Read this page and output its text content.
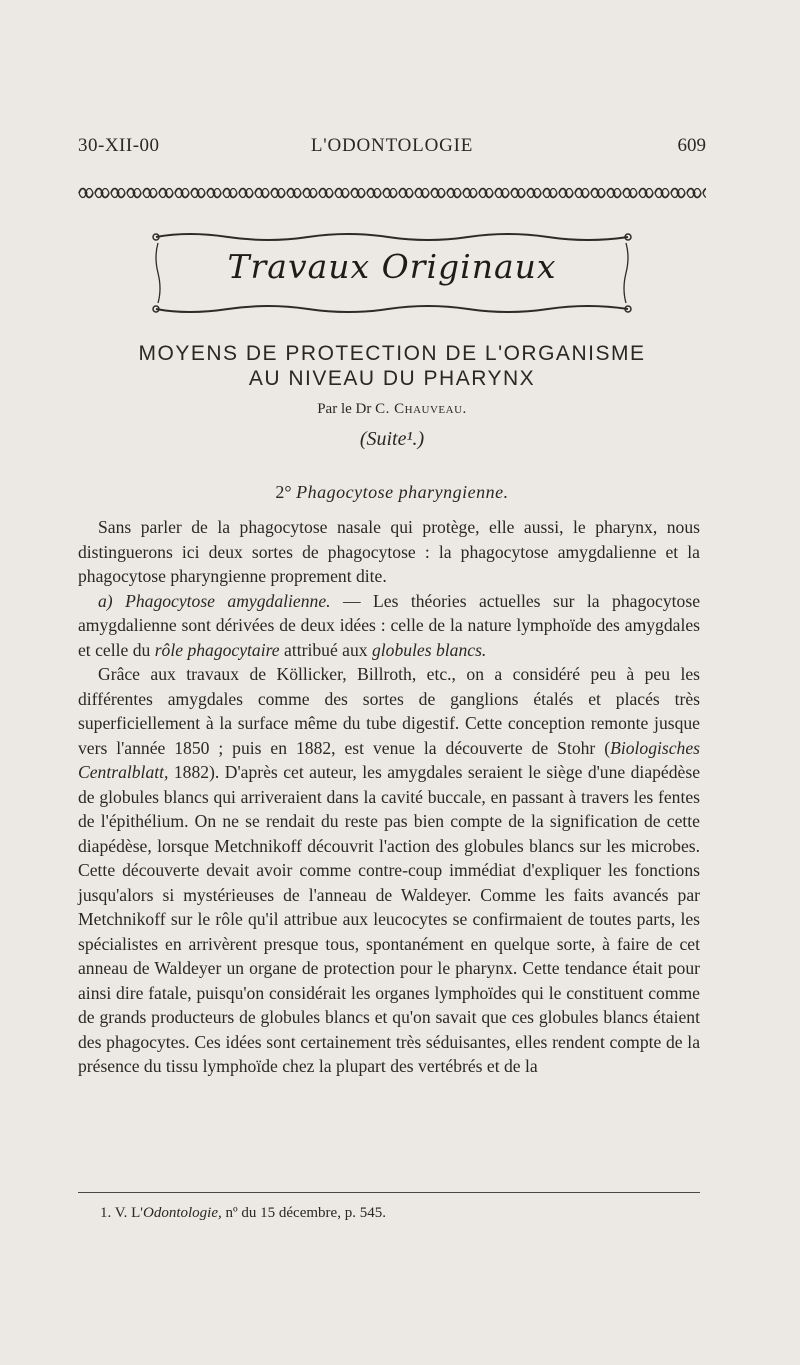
30-XII-00	L'ODONTOLOGIE	609
Travaux Originaux
MOYENS DE PROTECTION DE L'ORGANISME
AU NIVEAU DU PHARYNX
Par le Dr C. Chauveau.
(Suite¹.)
2° Phagocytose pharyngienne.

Sans parler de la phagocytose nasale qui protège, elle aussi, le pharynx, nous distinguerons ici deux sortes de phagocytose : la phagocytose amygdalienne et la phagocytose pharyngienne proprement dite.

a) Phagocytose amygdalienne. — Les théories actuelles sur la phagocytose amygdalienne sont dérivées de deux idées : celle de la nature lymphoïde des amygdales et celle du rôle phagocytaire attribué aux globules blancs.

Grâce aux travaux de Köllicker, Billroth, etc., on a considéré peu à peu les différentes amygdales comme des sortes de ganglions étalés et placés très superficiellement à la surface même du tube digestif. Cette conception remonte jusque vers l'année 1850 ; puis en 1882, est venue la découverte de Stohr (Biologisches Centralblatt, 1882). D'après cet auteur, les amygdales seraient le siège d'une diapédèse de globules blancs qui arriveraient dans la cavité buccale, en passant à travers les fentes de l'épithélium. On ne se rendait du reste pas bien compte de la signification de cette diapédèse, lorsque Metchnikoff découvrit l'action des globules blancs sur les microbes. Cette découverte devait avoir comme contre-coup immédiat d'expliquer les fonctions jusqu'alors si mystérieuses de l'anneau de Waldeyer. Comme les faits avancés par Metchnikoff sur le rôle qu'il attribue aux leucocytes se confirmaient de toutes parts, les spécialistes en arrivèrent presque tous, spontanément en quelque sorte, à faire de cet anneau de Waldeyer un organe de protection pour le pharynx. Cette tendance était pour ainsi dire fatale, puisqu'on considérait les organes lymphoïdes qui le constituent comme de grands producteurs de globules blancs et qu'on savait que ces globules blancs étaient des phagocytes. Ces idées sont certainement très séduisantes, elles rendent compte de la présence du tissu lymphoïde chez la plupart des vertébrés et de la

1. V. L'Odontologie, nº du 15 décembre, p. 545.
